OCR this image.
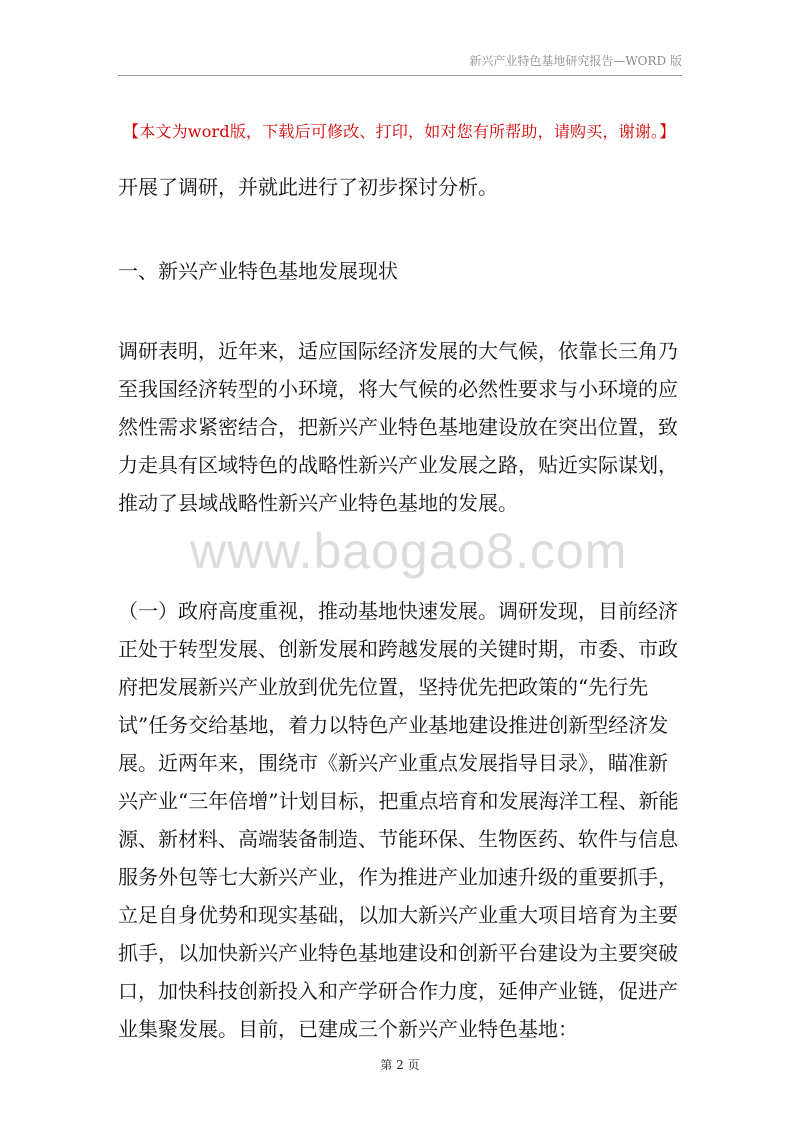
新兴产业特色基地研究报告—WORD 版
【本文为word版，下载后可修改、打印，如对您有所帮助，请购买，谢谢。】
www.baogao8.com

开展了调研，并就此进行了初步探讨分析。

一、新兴产业特色基地发展现状

调研表明，近年来，适应国际经济发展的大气候，依靠长三角乃至我国经济转型的小环境，将大气候的必然性要求与小环境的应然性需求紧密结合，把新兴产业特色基地建设放在突出位置，致力走具有区域特色的战略性新兴产业发展之路，贴近实际谋划，推动了县域战略性新兴产业特色基地的发展。

（一）政府高度重视，推动基地快速发展。调研发现，目前经济正处于转型发展、创新发展和跨越发展的关键时期，市委、市政府把发展新兴产业放到优先位置，坚持优先把政策的“先行先试”任务交给基地，着力以特色产业基地建设推进创新型经济发展。近两年来，围绕市《新兴产业重点发展指导目录》，瞄准新兴产业“三年倍增”计划目标，把重点培育和发展海洋工程、新能源、新材料、高端装备制造、节能环保、生物医药、软件与信息服务外包等七大新兴产业，作为推进产业加速升级的重要抓手，立足自身优势和现实基础，以加大新兴产业重大项目培育为主要抓手，以加快新兴产业特色基地建设和创新平台建设为主要突破口，加快科技创新投入和产学研合作力度，延伸产业链，促进产业集聚发展。目前，已建成三个新兴产业特色基地：

第 2 页
